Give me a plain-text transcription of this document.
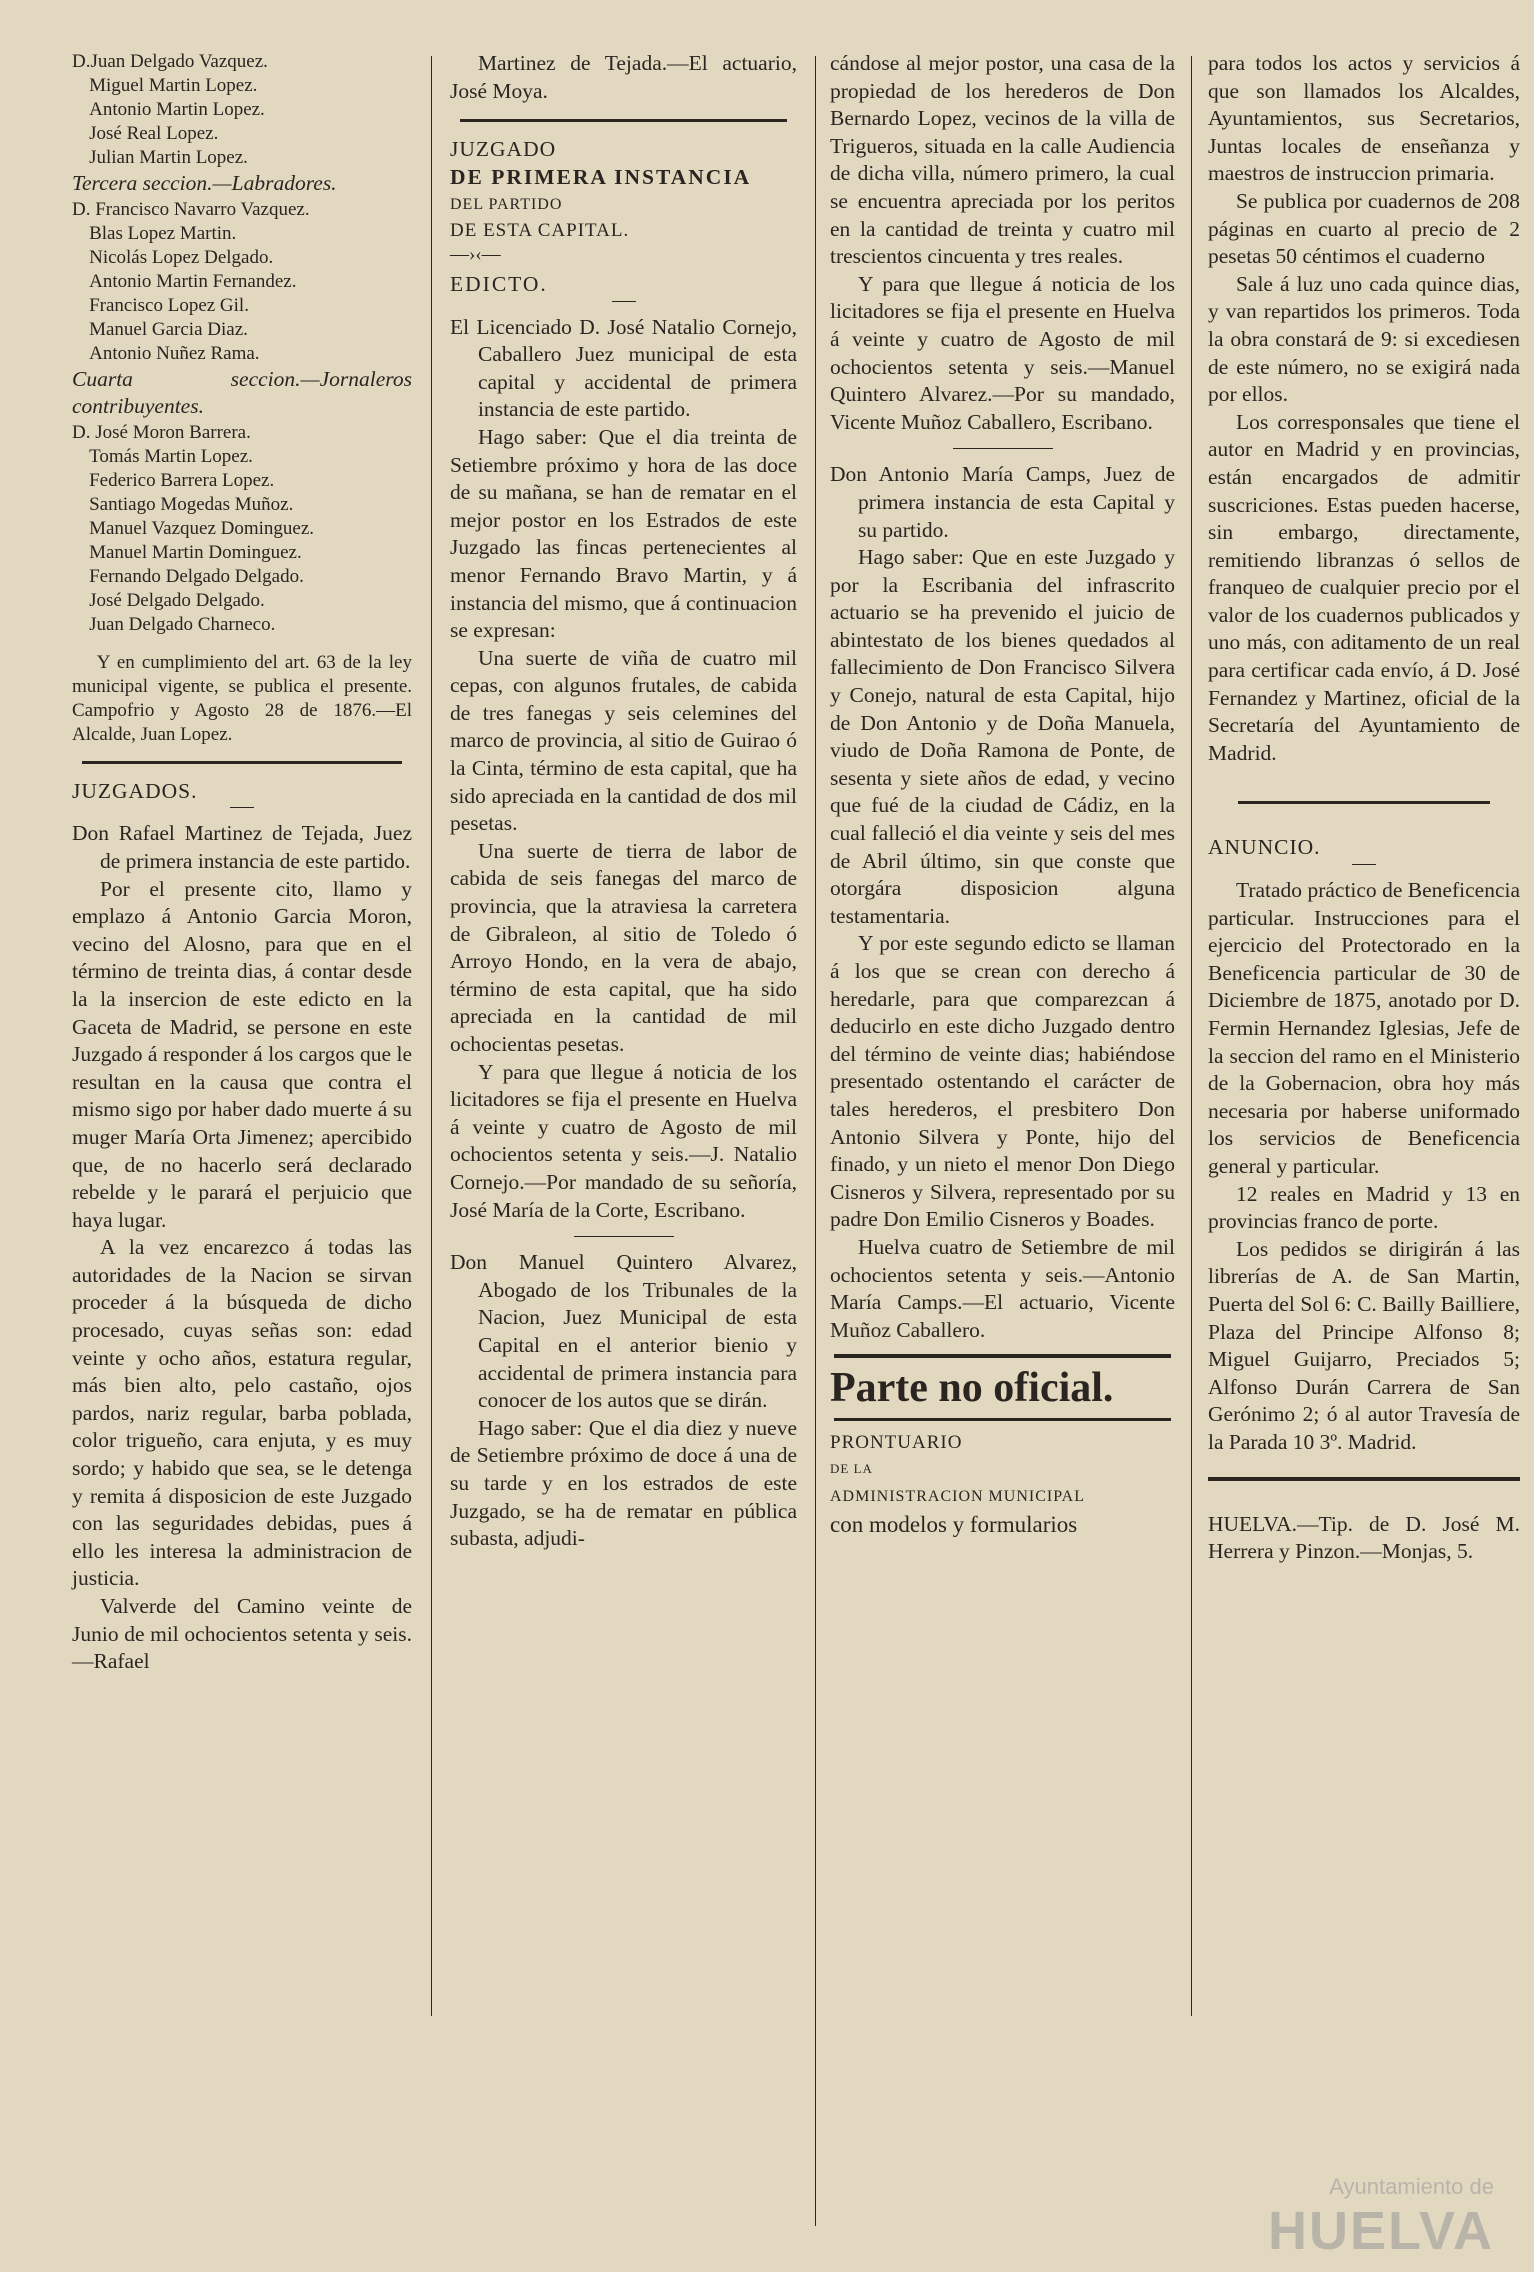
D.Juan Delgado Vazquez.
Miguel Martin Lopez.
Antonio Martin Lopez.
José Real Lopez.
Julian Martin Lopez.

Tercera seccion.—Labradores.

D. Francisco Navarro Vazquez.
Blas Lopez Martin.
Nicolás Lopez Delgado.
Antonio Martin Fernandez.
Francisco Lopez Gil.
Manuel Garcia Diaz.
Antonio Nuñez Rama.

Cuarta seccion.—Jornaleros contribuyentes.

D. José Moron Barrera.
Tomás Martin Lopez.
Federico Barrera Lopez.
Santiago Mogedas Muñoz.
Manuel Vazquez Dominguez.
Manuel Martin Dominguez.
Fernando Delgado Delgado.
José Delgado Delgado.
Juan Delgado Charneco.

Y en cumplimiento del art. 63 de la ley municipal vigente, se publica el presente. Campofrio y Agosto 28 de 1876.—El Alcalde, Juan Lopez.

JUZGADOS.

Don Rafael Martinez de Tejada, Juez de primera instancia de este partido.

Por el presente cito, llamo y emplazo á Antonio Garcia Moron, vecino del Alosno, para que en el término de treinta dias, á contar desde la la insercion de este edicto en la Gaceta de Madrid, se persone en este Juzgado á responder á los cargos que le resultan en la causa que contra el mismo sigo por haber dado muerte á su muger María Orta Jimenez; apercibido que, de no hacerlo será declarado rebelde y le parará el perjuicio que haya lugar.

A la vez encarezco á todas las autoridades de la Nacion se sirvan proceder á la búsqueda de dicho procesado, cuyas señas son: edad veinte y ocho años, estatura regular, más bien alto, pelo castaño, ojos pardos, nariz regular, barba poblada, color trigueño, cara enjuta, y es muy sordo; y habido que sea, se le detenga y remita á disposicion de este Juzgado con las seguridades debidas, pues á ello les interesa la administracion de justicia.

Valverde del Camino veinte de Junio de mil ochocientos setenta y seis.—Rafael

Martinez de Tejada.—El actuario, José Moya.

JUZGADO

DE PRIMERA INSTANCIA

DEL PARTIDO

DE ESTA CAPITAL.

—›‹—

EDICTO.

El Licenciado D. José Natalio Cornejo, Caballero Juez municipal de esta capital y accidental de primera instancia de este partido.

Hago saber: Que el dia treinta de Setiembre próximo y hora de las doce de su mañana, se han de rematar en el mejor postor en los Estrados de este Juzgado las fincas pertenecientes al menor Fernando Bravo Martin, y á instancia del mismo, que á continuacion se expresan:

Una suerte de viña de cuatro mil cepas, con algunos frutales, de cabida de tres fanegas y seis celemines del marco de provincia, al sitio de Guirao ó la Cinta, término de esta capital, que ha sido apreciada en la cantidad de dos mil pesetas.

Una suerte de tierra de labor de cabida de seis fanegas del marco de provincia, que la atraviesa la carretera de Gibraleon, al sitio de Toledo ó Arroyo Hondo, en la vera de abajo, término de esta capital, que ha sido apreciada en la cantidad de mil ochocientas pesetas.

Y para que llegue á noticia de los licitadores se fija el presente en Huelva á veinte y cuatro de Agosto de mil ochocientos setenta y seis.—J. Natalio Cornejo.—Por mandado de su señoría, José María de la Corte, Escribano.

Don Manuel Quintero Alvarez, Abogado de los Tribunales de la Nacion, Juez Municipal de esta Capital en el anterior bienio y accidental de primera instancia para conocer de los autos que se dirán.

Hago saber: Que el dia diez y nueve de Setiembre próximo de doce á una de su tarde y en los estrados de este Juzgado, se ha de rematar en pública subasta, adjudi-

cándose al mejor postor, una casa de la propiedad de los herederos de Don Bernardo Lopez, vecinos de la villa de Trigueros, situada en la calle Audiencia de dicha villa, número primero, la cual se encuentra apreciada por los peritos en la cantidad de treinta y cuatro mil trescientos cincuenta y tres reales.

Y para que llegue á noticia de los licitadores se fija el presente en Huelva á veinte y cuatro de Agosto de mil ochocientos setenta y seis.—Manuel Quintero Alvarez.—Por su mandado, Vicente Muñoz Caballero, Escribano.

Don Antonio María Camps, Juez de primera instancia de esta Capital y su partido.

Hago saber: Que en este Juzgado y por la Escribania del infrascrito actuario se ha prevenido el juicio de abintestato de los bienes quedados al fallecimiento de Don Francisco Silvera y Conejo, natural de esta Capital, hijo de Don Antonio y de Doña Manuela, viudo de Doña Ramona de Ponte, de sesenta y siete años de edad, y vecino que fué de la ciudad de Cádiz, en la cual falleció el dia veinte y seis del mes de Abril último, sin que conste que otorgára disposicion alguna testamentaria.

Y por este segundo edicto se llaman á los que se crean con derecho á heredarle, para que comparezcan á deducirlo en este dicho Juzgado dentro del término de veinte dias; habiéndose presentado ostentando el carácter de tales herederos, el presbitero Don Antonio Silvera y Ponte, hijo del finado, y un nieto el menor Don Diego Cisneros y Silvera, representado por su padre Don Emilio Cisneros y Boades.

Huelva cuatro de Setiembre de mil ochocientos setenta y seis.—Antonio María Camps.—El actuario, Vicente Muñoz Caballero.

Parte no oficial.

PRONTUARIO

DE LA

ADMINISTRACION MUNICIPAL

con modelos y formularios

para todos los actos y servicios á que son llamados los Alcaldes, Ayuntamientos, sus Secretarios, Juntas locales de enseñanza y maestros de instruccion primaria.

Se publica por cuadernos de 208 páginas en cuarto al precio de 2 pesetas 50 céntimos el cuaderno

Sale á luz uno cada quince dias, y van repartidos los primeros. Toda la obra constará de 9: si excediesen de este número, no se exigirá nada por ellos.

Los corresponsales que tiene el autor en Madrid y en provincias, están encargados de admitir suscriciones. Estas pueden hacerse, sin embargo, directamente, remitiendo libranzas ó sellos de franqueo de cualquier precio por el valor de los cuadernos publicados y uno más, con aditamento de un real para certificar cada envío, á D. José Fernandez y Martinez, oficial de la Secretaría del Ayuntamiento de Madrid.

ANUNCIO.

Tratado práctico de Beneficencia particular. Instrucciones para el ejercicio del Protectorado en la Beneficencia particular de 30 de Diciembre de 1875, anotado por D. Fermin Hernandez Iglesias, Jefe de la seccion del ramo en el Ministerio de la Gobernacion, obra hoy más necesaria por haberse uniformado los servicios de Beneficencia general y particular.

12 reales en Madrid y 13 en provincias franco de porte.

Los pedidos se dirigirán á las librerías de A. de San Martin, Puerta del Sol 6: C. Bailly Bailliere, Plaza del Principe Alfonso 8; Miguel Guijarro, Preciados 5; Alfonso Durán Carrera de San Gerónimo 2; ó al autor Travesía de la Parada 10 3º. Madrid.

HUELVA.—Tip. de D. José M. Herrera y Pinzon.—Monjas, 5.

Ayuntamiento de
HUELVA
